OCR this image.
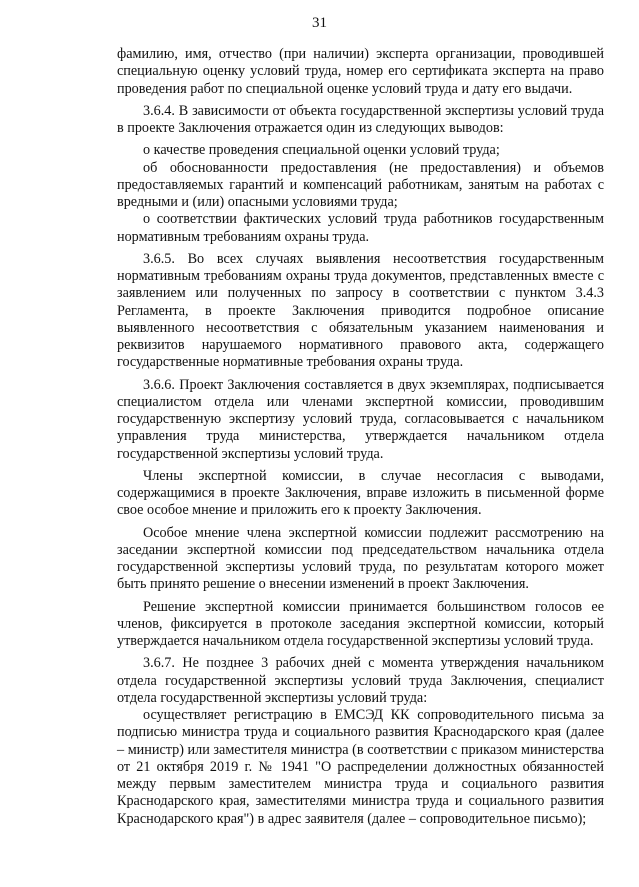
31

фамилию, имя, отчество (при наличии) эксперта организации, проводившей специальную оценку условий труда, номер его сертификата эксперта на право проведения работ по специальной оценке условий труда и дату его выдачи.

3.6.4. В зависимости от объекта государственной экспертизы условий труда в проекте Заключения отражается один из следующих выводов:

о качестве проведения специальной оценки условий труда;

об обоснованности предоставления (не предоставления) и объемов предоставляемых гарантий и компенсаций работникам, занятым на работах с вредными и (или) опасными условиями труда;

о соответствии фактических условий труда работников государственным нормативным требованиям охраны труда.

3.6.5. Во всех случаях выявления несоответствия государственным нормативным требованиям охраны труда документов, представленных вместе с заявлением или полученных по запросу в соответствии с пунктом 3.4.3 Регламента, в проекте Заключения приводится подробное описание выявленного несоответствия с обязательным указанием наименования и реквизитов нарушаемого нормативного правового акта, содержащего государственные нормативные требования охраны труда.

3.6.6. Проект Заключения составляется в двух экземплярах, подписывается специалистом отдела или членами экспертной комиссии, проводившим государственную экспертизу условий труда, согласовывается с начальником управления труда министерства, утверждается начальником отдела государственной экспертизы условий труда.

Члены экспертной комиссии, в случае несогласия с выводами, содержащимися в проекте Заключения, вправе изложить в письменной форме свое особое мнение и приложить его к проекту Заключения.

Особое мнение члена экспертной комиссии подлежит рассмотрению на заседании экспертной комиссии под председательством начальника отдела государственной экспертизы условий труда, по результатам которого может быть принято решение о внесении изменений в проект Заключения.

Решение экспертной комиссии принимается большинством голосов ее членов, фиксируется в протоколе заседания экспертной комиссии, который утверждается начальником отдела государственной экспертизы условий труда.

3.6.7. Не позднее 3 рабочих дней с момента утверждения начальником отдела государственной экспертизы условий труда Заключения, специалист отдела государственной экспертизы условий труда:

осуществляет регистрацию в ЕМСЭД КК сопроводительного письма за подписью министра труда и социального развития Краснодарского края (далее – министр) или заместителя министра (в соответствии с приказом министерства от 21 октября 2019 г. № 1941 "О распределении должностных обязанностей между первым заместителем министра труда и социального развития Краснодарского края, заместителями министра труда и социального развития Краснодарского края") в адрес заявителя (далее – сопроводительное письмо);
